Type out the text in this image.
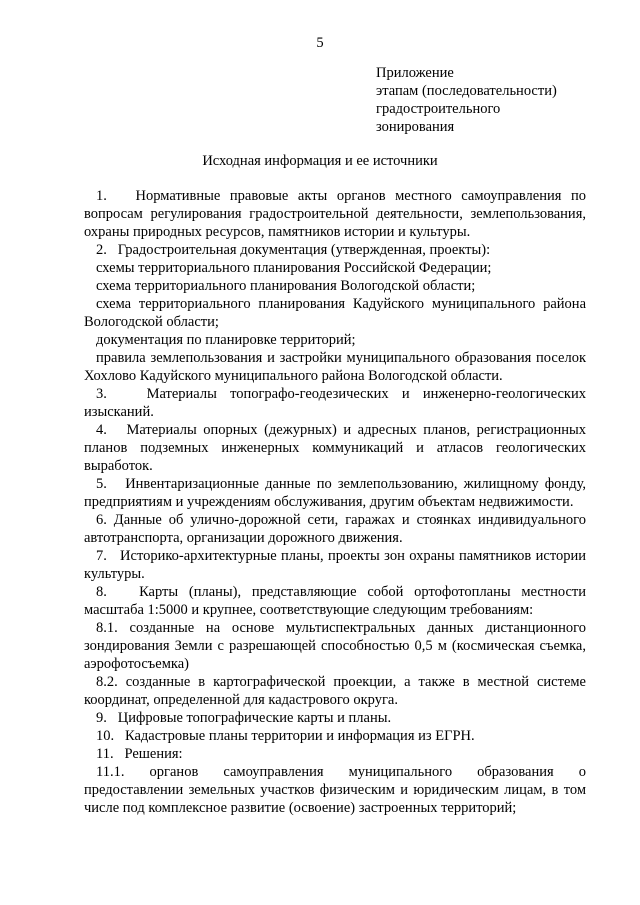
5
Приложение
этапам (последовательности)
градостроительного
зонирования
Исходная информация и ее источники

1.   Нормативные правовые акты органов местного самоуправления по вопросам регулирования градостроительной деятельности, землепользования, охраны природных ресурсов, памятников истории и культуры.

2.   Градостроительная документация (утвержденная, проекты):

схемы территориального планирования Российской Федерации;

схема территориального планирования Вологодской области;

схема территориального планирования Кадуйского муниципального района Вологодской области;

документация по планировке территорий;

правила землепользования и застройки муниципального образования поселок Хохлово Кадуйского муниципального района Вологодской области.

3.   Материалы топографо-геодезических и инженерно-геологических изысканий.

4.   Материалы опорных (дежурных) и адресных планов, регистрационных планов подземных инженерных коммуникаций и атласов геологических выработок.

5.   Инвентаризационные данные по землепользованию, жилищному фонду, предприятиям и учреждениям обслуживания, другим объектам недвижимости.

6. Данные об улично-дорожной сети, гаражах и стоянках индивидуального автотранспорта, организации дорожного движения.

7.   Историко-архитектурные планы, проекты зон охраны памятников истории культуры.

8.   Карты (планы), представляющие собой ортофотопланы местности масштаба 1:5000 и крупнее, соответствующие следующим требованиям:

8.1. созданные на основе мультиспектральных данных дистанционного зондирования Земли с разрешающей способностью 0,5 м (космическая съемка, аэрофотосъемка)

8.2. созданные в картографической проекции, а также в местной системе координат, определенной для кадастрового округа.

9.   Цифровые топографические карты и планы.

10.   Кадастровые планы территории и информация из ЕГРН.

11.   Решения:

11.1.     органов     самоуправления     муниципального     образования     о предоставлении земельных участков физическим и юридическим лицам, в том числе под комплексное развитие (освоение) застроенных территорий;
